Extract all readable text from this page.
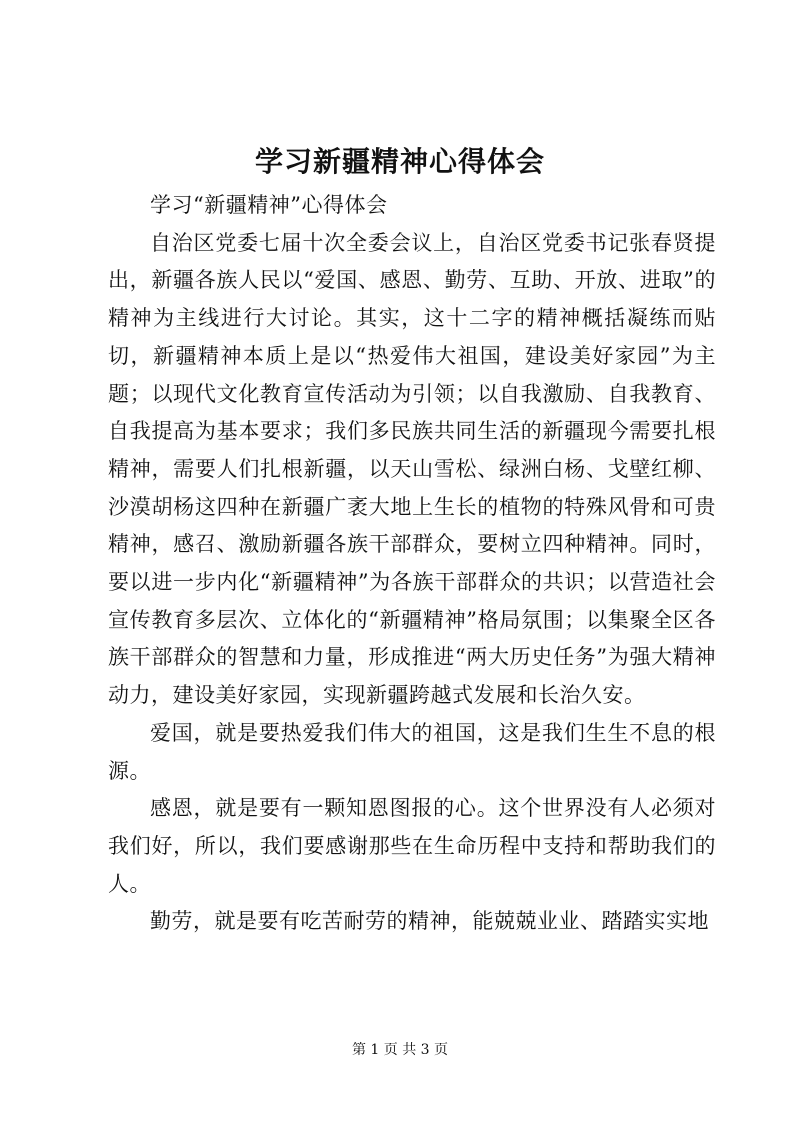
学习新疆精神心得体会

学习“新疆精神”心得体会

自治区党委七届十次全委会议上，自治区党委书记张春贤提出，新疆各族人民以“爱国、感恩、勤劳、互助、开放、进取”的精神为主线进行大讨论。其实，这十二字的精神概括凝练而贴切，新疆精神本质上是以“热爱伟大祖国，建设美好家园”为主题；以现代文化教育宣传活动为引领；以自我激励、自我教育、自我提高为基本要求；我们多民族共同生活的新疆现今需要扎根精神，需要人们扎根新疆，以天山雪松、绿洲白杨、戈壁红柳、沙漠胡杨这四种在新疆广袤大地上生长的植物的特殊风骨和可贵精神，感召、激励新疆各族干部群众，要树立四种精神。同时，要以进一步内化“新疆精神”为各族干部群众的共识；以营造社会宣传教育多层次、立体化的“新疆精神”格局氛围；以集聚全区各族干部群众的智慧和力量，形成推进“两大历史任务”为强大精神动力，建设美好家园，实现新疆跨越式发展和长治久安。

爱国，就是要热爱我们伟大的祖国，这是我们生生不息的根源。

感恩，就是要有一颗知恩图报的心。这个世界没有人必须对我们好，所以，我们要感谢那些在生命历程中支持和帮助我们的人。

勤劳，就是要有吃苦耐劳的精神，能兢兢业业、踏踏实实地

第 1 页 共 3 页
